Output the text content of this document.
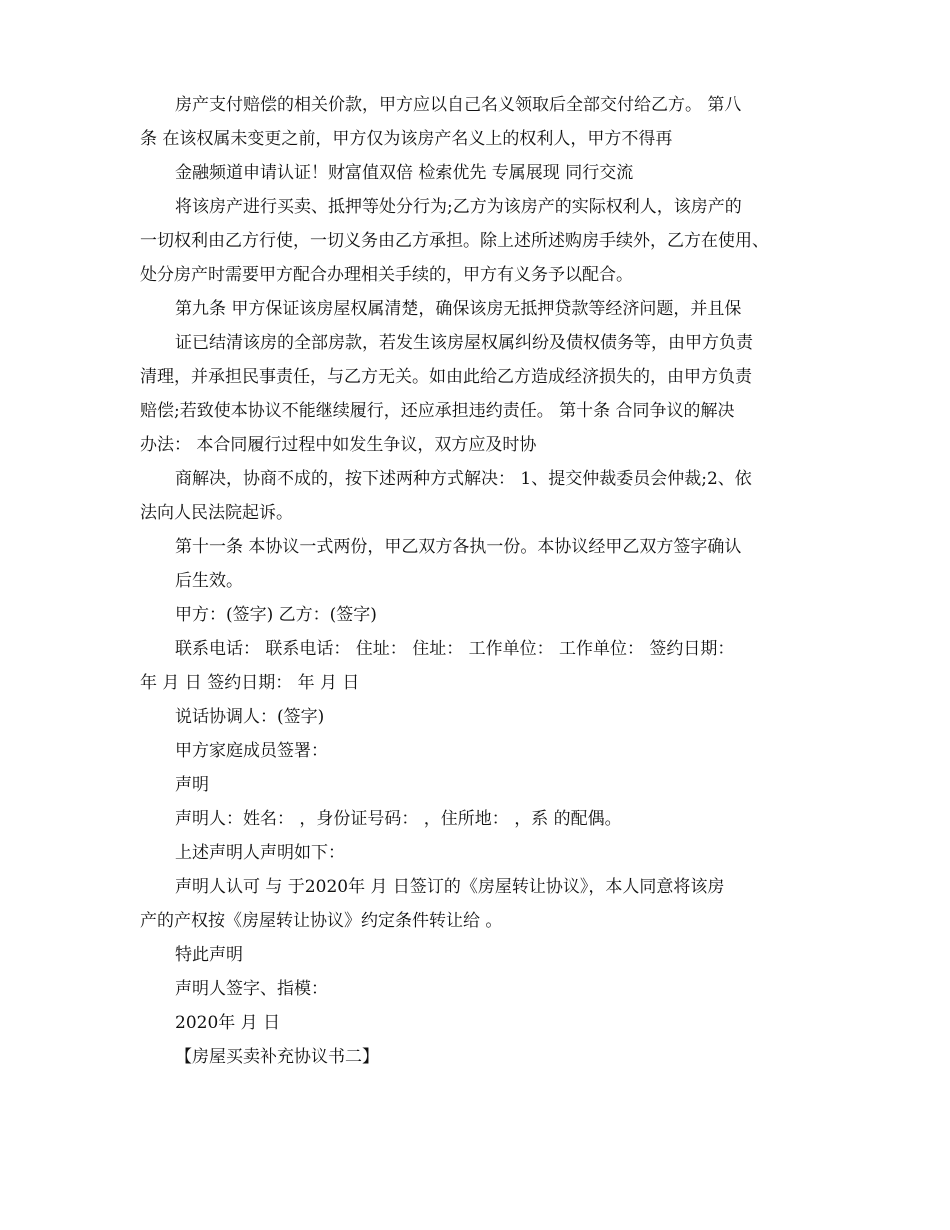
房产支付赔偿的相关价款，甲方应以自己名义领取后全部交付给乙方。 第八
条 在该权属未变更之前，甲方仅为该房产名义上的权利人，甲方不得再
金融频道申请认证！财富值双倍 检索优先 专属展现 同行交流
将该房产进行买卖、抵押等处分行为;乙方为该房产的实际权利人，该房产的
一切权利由乙方行使，一切义务由乙方承担。除上述所述购房手续外，乙方在使用、
处分房产时需要甲方配合办理相关手续的，甲方有义务予以配合。
第九条 甲方保证该房屋权属清楚，确保该房无抵押贷款等经济问题，并且保
证已结清该房的全部房款，若发生该房屋权属纠纷及债权债务等，由甲方负责
清理，并承担民事责任，与乙方无关。如由此给乙方造成经济损失的，由甲方负责
赔偿;若致使本协议不能继续履行，还应承担违约责任。 第十条 合同争议的解决
办法： 本合同履行过程中如发生争议，双方应及时协
商解决，协商不成的，按下述两种方式解决： 1、提交仲裁委员会仲裁;2、依
法向人民法院起诉。
第十一条 本协议一式两份，甲乙双方各执一份。本协议经甲乙双方签字确认
后生效。
甲方：(签字) 乙方：(签字)
联系电话： 联系电话： 住址： 住址： 工作单位： 工作单位： 签约日期：
年 月 日 签约日期： 年 月 日
说话协调人：(签字)
甲方家庭成员签署：
声明
声明人：姓名： ，身份证号码： ，住所地： ，系 的配偶。
上述声明人声明如下：
声明人认可 与 于2020年 月 日签订的《房屋转让协议》，本人同意将该房
产的产权按《房屋转让协议》约定条件转让给 。
特此声明
声明人签字、指模：
2020年 月 日
【房屋买卖补充协议书二】
